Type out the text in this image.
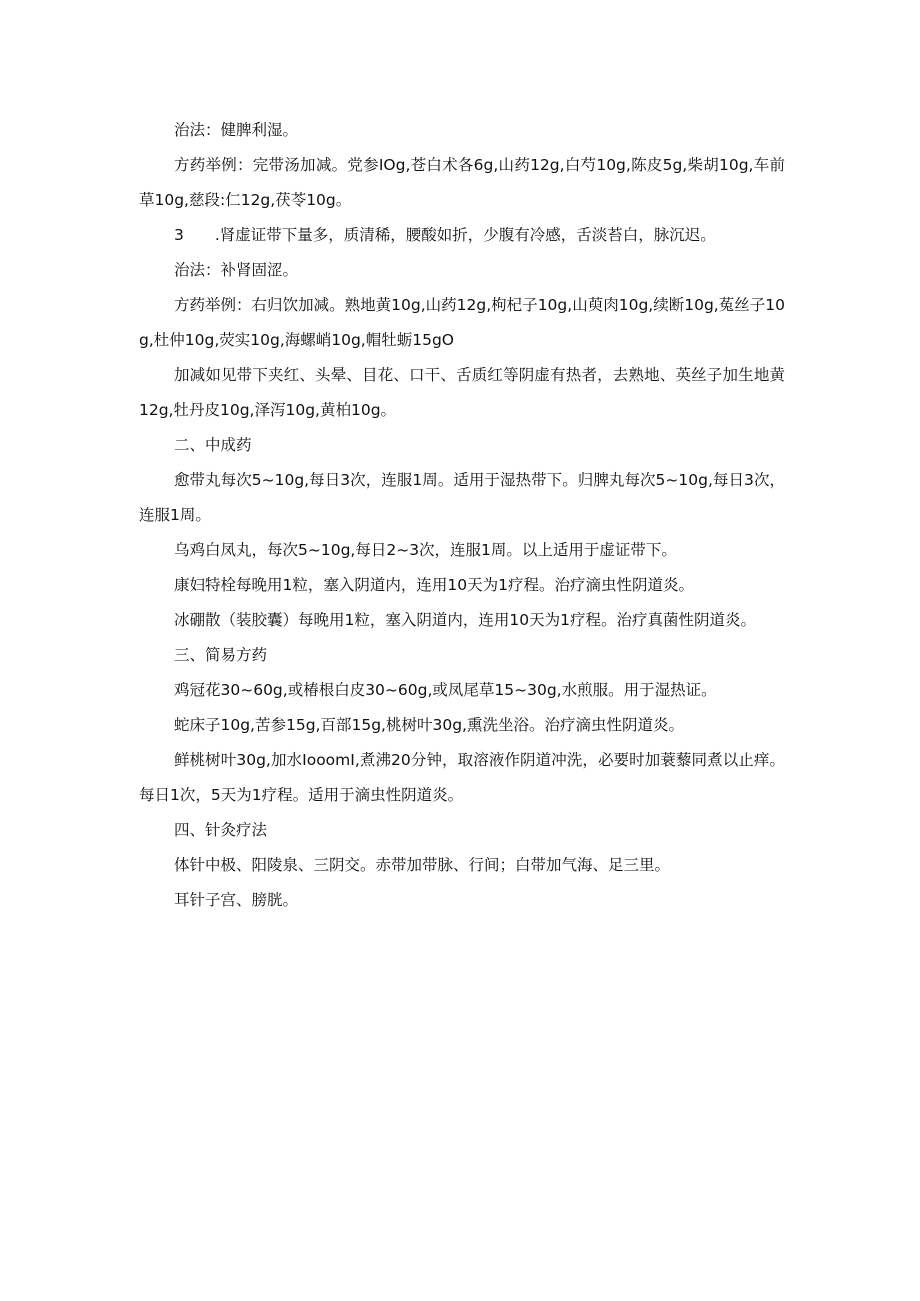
治法：健脾利湿。

方药举例：完带汤加减。党参IOg,苍白术各6g,山药12g,白芍10g,陈皮5g,柴胡10g,车前草10g,慈段:仁12g,茯苓10g。

3　　.肾虚证带下量多，质清稀，腰酸如折，少腹有冷感，舌淡苔白，脉沉迟。

治法：补肾固涩。

方药举例：右归饮加减。熟地黄10g,山药12g,枸杞子10g,山萸肉10g,续断10g,菟丝子10g,杜仲10g,荧实10g,海螺峭10g,帽牡蛎15gO

加减如见带下夹红、头晕、目花、口干、舌质红等阴虚有热者，去熟地、英丝子加生地黄12g,牡丹皮10g,泽泻10g,黄柏10g。

二、中成药

愈带丸每次5~10g,每日3次，连服1周。适用于湿热带下。归脾丸每次5~10g,每日3次，连服1周。

乌鸡白凤丸，每次5~10g,每日2~3次，连服1周。以上适用于虚证带下。

康妇特栓每晚用1粒，塞入阴道内，连用10天为1疗程。治疗滴虫性阴道炎。

冰硼散（装胶囊）每晚用1粒，塞入阴道内，连用10天为1疗程。治疗真菌性阴道炎。

三、简易方药

鸡冠花30~60g,或椿根白皮30~60g,或凤尾草15~30g,水煎服。用于湿热证。

蛇床子10g,苦参15g,百部15g,桃树叶30g,熏洗坐浴。治疗滴虫性阴道炎。

鲜桃树叶30g,加水IooomI,煮沸20分钟，取溶液作阴道冲洗，必要时加蓑藜同煮以止痒。每日1次，5天为1疗程。适用于滴虫性阴道炎。

四、针灸疗法

体针中极、阳陵泉、三阴交。赤带加带脉、行间；白带加气海、足三里。

耳针子宫、膀胱。
